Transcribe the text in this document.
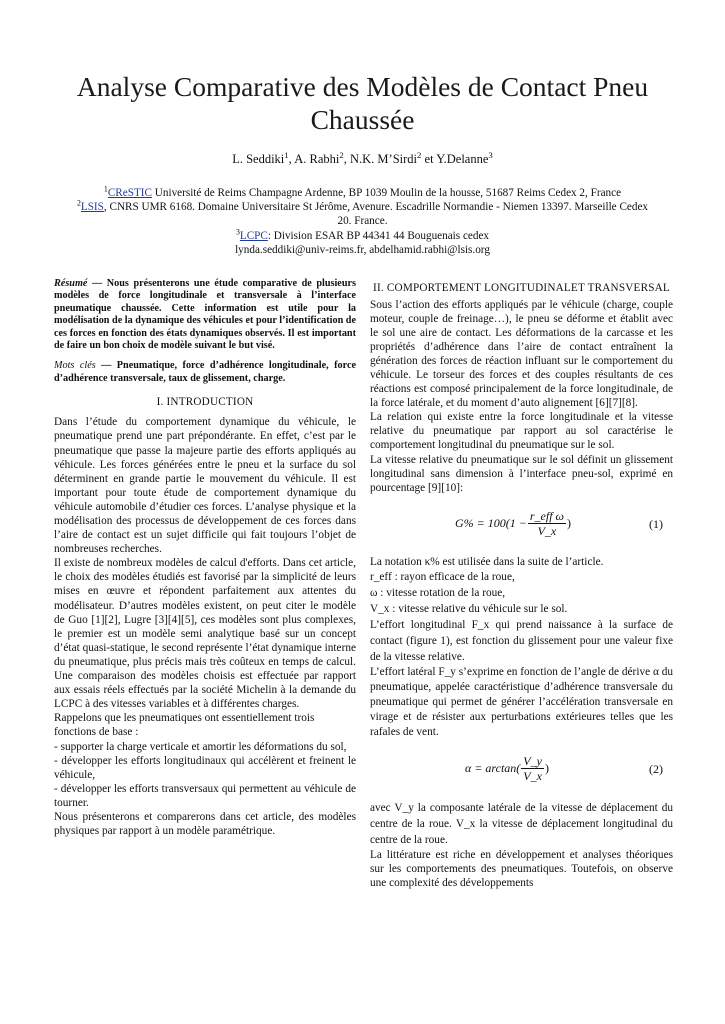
Analyse Comparative des Modèles de Contact Pneu Chaussée
L. Seddiki$^1$, A. Rabhi$^2$, N.K. M’Sirdi$^2$ et Y.Delanne$^3$
$^1$CReSTIC Université de Reims Champagne Ardenne, BP 1039 Moulin de la housse, 51687 Reims Cedex 2, France
$^2$LSIS, CNRS UMR 6168. Domaine Universitaire St Jérôme, Avenure. Escadrille Normandie - Niemen 13397. Marseille Cedex 20. France.
$^3$LCPC: Division ESAR BP 44341 44 Bouguenais cedex
lynda.seddiki@univ-reims.fr, abdelhamid.rabhi@lsis.org

Résumé — Nous présenterons une étude comparative de plusieurs modèles de force longitudinale et transversale à l’interface pneumatique chaussée. Cette information est utile pour la modélisation de la dynamique des véhicules et pour l’identification de ces forces en fonction des états dynamiques observés. Il est important de faire un bon choix de modèle suivant le but visé.

Mots clés — Pneumatique, force d’adhérence longitudinale, force d’adhérence transversale, taux de glissement, charge.

I. INTRODUCTION

Dans l’étude du comportement dynamique du véhicule, le pneumatique prend une part prépondérante. En effet, c’est par le pneumatique que passe la majeure partie des efforts appliqués au véhicule. Les forces générées entre le pneu et la surface du sol déterminent en grande partie le mouvement du véhicule. Il est important pour toute étude de comportement dynamique du véhicule automobile d’étudier ces forces. L’analyse physique et la modélisation des processus de développement de ces forces dans l’aire de contact est un sujet difficile qui fait toujours l’objet de nombreuses recherches.

Il existe de nombreux modèles de calcul d'efforts. Dans cet article, le choix des modèles étudiés est favorisé par la simplicité de leurs mises en œuvre et répondent parfaitement aux attentes du modélisateur. D’autres modèles existent, on peut citer le modèle de Guo [1][2], Lugre [3][4][5], ces modèles sont plus complexes, le premier est un modèle semi analytique basé sur un concept d’état quasi-statique, le second représente l’état dynamique interne du pneumatique, plus précis mais très coûteux en temps de calcul. Une comparaison des modèles choisis est effectuée par rapport aux essais réels effectués par la société Michelin à la demande du LCPC à des vitesses variables et à différentes charges.

Rappelons que les pneumatiques ont essentiellement trois fonctions de base :

- supporter la charge verticale et amortir les déformations du sol,

- développer les efforts longitudinaux qui accélèrent et freinent le véhicule,

- développer les efforts transversaux qui permettent au véhicule de tourner.

Nous présenterons et comparerons dans cet article, des modèles physiques par rapport à un modèle paramétrique.

II. COMPORTEMENT LONGITUDINALET TRANSVERSAL

Sous l’action des efforts appliqués par le véhicule (charge, couple moteur, couple de freinage…), le pneu se déforme et établit avec le sol une aire de contact. Les déformations de la carcasse et les propriétés d’adhérence dans l’aire de contact entraînent la génération des forces de réaction influant sur le comportement du véhicule. Le torseur des forces et des couples résultants de ces réactions est composé principalement de la force longitudinale, de la force latérale, et du moment d’auto alignement [6][7][8].

La relation qui existe entre la force longitudinale et la vitesse relative du pneumatique par rapport au sol caractérise le comportement longitudinal du pneumatique sur le sol.

La vitesse relative du pneumatique sur le sol définit un glissement longitudinal sans dimension à l’interface pneu-sol, exprimé en pourcentage [9][10]:

$G\% = 100(1 - \frac{\text{r\_eff ω}}{V\_x}$ )	(1)

La notation κ% est utilisée dans la suite de l’article.

r_eff : rayon efficace de la roue,

ω : vitesse rotation de la roue,

V_x : vitesse relative du véhicule sur le sol.

L’effort longitudinal F_x qui prend naissance à la surface de contact (figure 1), est fonction du glissement pour une valeur fixe de la vitesse relative.

L’effort latéral F_y s’exprime en fonction de l’angle de dérive α du pneumatique, appelée caractéristique d’adhérence transversale du pneumatique qui permet de générer l’accélération transversale en virage et de résister aux perturbations extérieures telles que les rafales de vent.

$\alpha = \arctan( \frac{V\_y}{V\_x}$ )	(2)

avec V_y la composante latérale de la vitesse de déplacement du centre de la roue. V_x la vitesse de déplacement longitudinal du centre de la roue.

La littérature est riche en développement et analyses théoriques sur les comportements des pneumatiques. Toutefois, on observe une complexité des développements
